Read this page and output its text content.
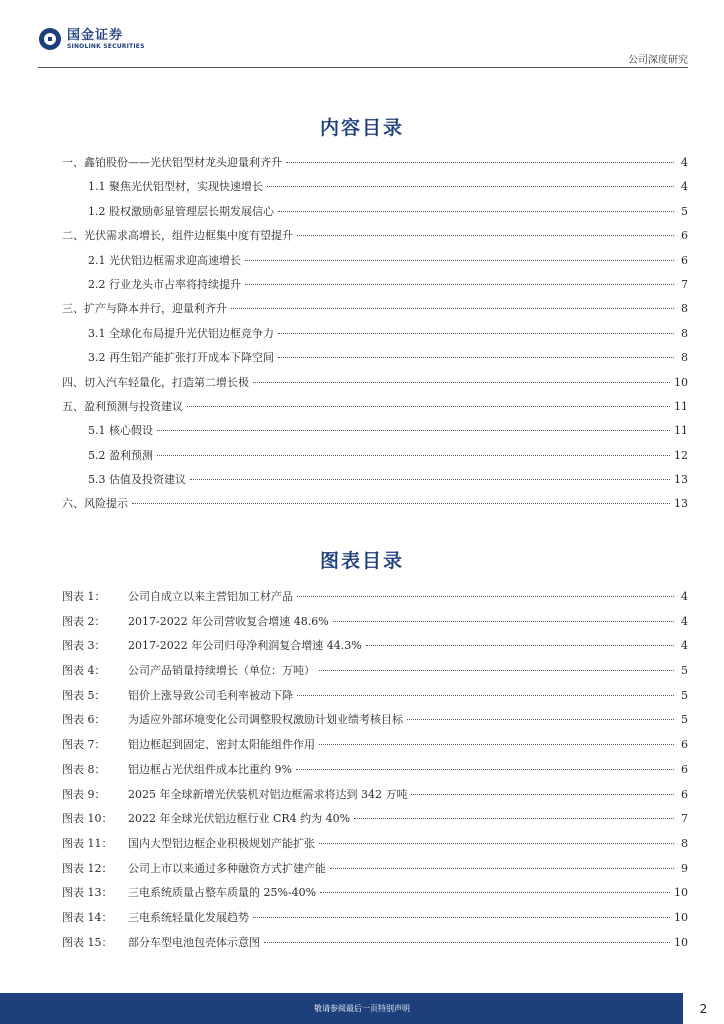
国金证券
SINOLINK SECURITIES
公司深度研究
内容目录
一、鑫铂股份——光伏铝型材龙头迎量利齐升	4
1.1 聚焦光伏铝型材，实现快速增长	4
1.2 股权激励彰显管理层长期发展信心	5
二、光伏需求高增长，组件边框集中度有望提升	6
2.1 光伏铝边框需求迎高速增长	6
2.2 行业龙头市占率将持续提升	7
三、扩产与降本并行，迎量利齐升	8
3.1 全球化布局提升光伏铝边框竞争力	8
3.2 再生铝产能扩张打开成本下降空间	8
四、切入汽车轻量化，打造第二增长极	10
五、盈利预测与投资建议	11
5.1 核心假设	11
5.2 盈利预测	12
5.3 估值及投资建议	13
六、风险提示	13
图表目录
图表 1：	公司自成立以来主营铝加工材产品	4
图表 2：	2017-2022 年公司营收复合增速 48.6%	4
图表 3：	2017-2022 年公司归母净利润复合增速 44.3%	4
图表 4：	公司产品销量持续增长（单位：万吨）	5
图表 5：	铝价上涨导致公司毛利率被动下降	5
图表 6：	为适应外部环境变化公司调整股权激励计划业绩考核目标	5
图表 7：	铝边框起到固定、密封太阳能组件作用	6
图表 8：	铝边框占光伏组件成本比重约 9%	6
图表 9：	2025 年全球新增光伏装机对铝边框需求将达到 342 万吨	6
图表 10：	2022 年全球光伏铝边框行业 CR4 约为 40%	7
图表 11：	国内大型铝边框企业积极规划产能扩张	8
图表 12：	公司上市以来通过多种融资方式扩建产能	9
图表 13：	三电系统质量占整车质量的 25%-40%	10
图表 14：	三电系统轻量化发展趋势	10
图表 15：	部分车型电池包壳体示意图	10
敬请参阅最后一页特别声明	2
